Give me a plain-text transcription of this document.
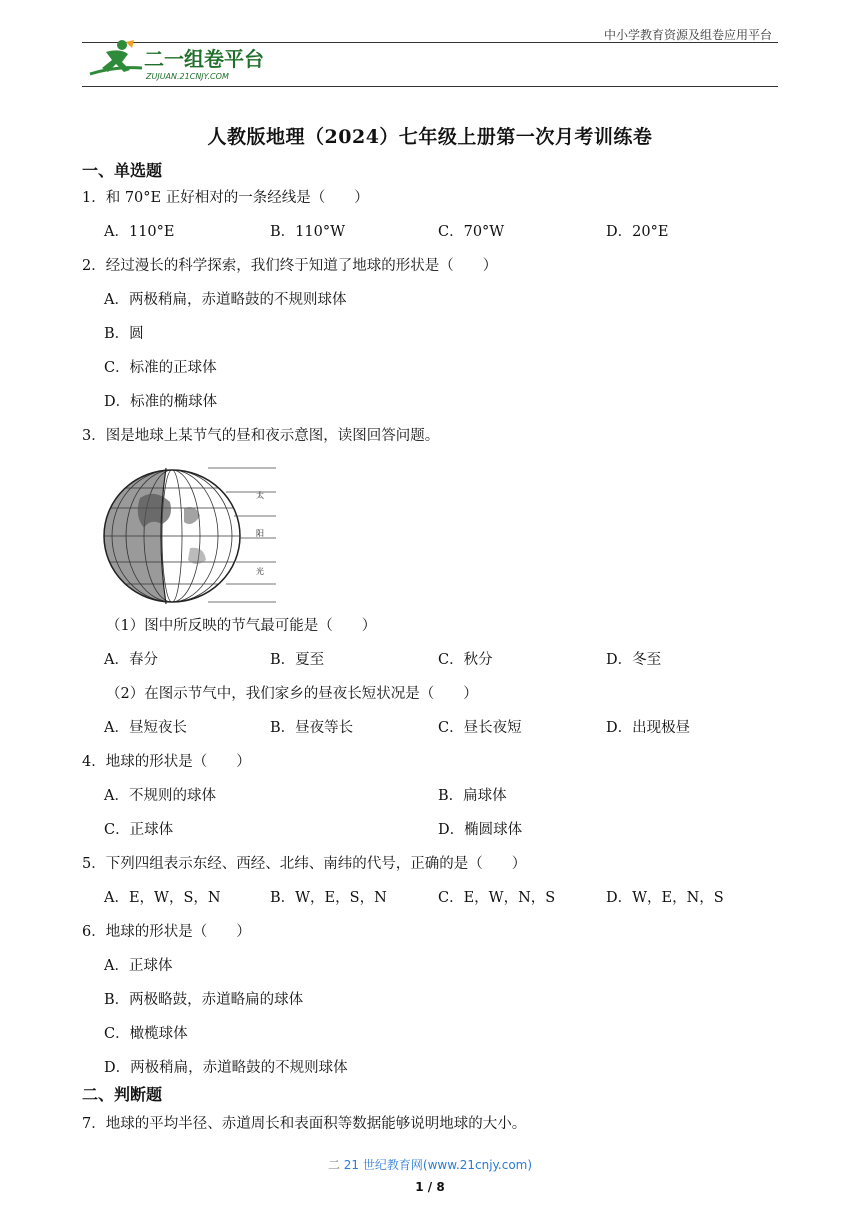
中小学教育资源及组卷应用平台
二一组卷平台
ZUJUAN.21CNJY.COM
人教版地理（2024）七年级上册第一次月考训练卷
一、单选题
1．和 70°E 正好相对的一条经线是（　　）
A．110°E	B．110°W	C．70°W	D．20°E
2．经过漫长的科学探索，我们终于知道了地球的形状是（　　）
A．两极稍扁，赤道略鼓的不规则球体
B．圆
C．标准的正球体
D．标准的椭球体
3．图是地球上某节气的昼和夜示意图，读图回答问题。
太
阳
光
（1）图中所反映的节气最可能是（　　）
A．春分	B．夏至	C．秋分	D．冬至
（2）在图示节气中，我们家乡的昼夜长短状况是（　　）
A．昼短夜长	B．昼夜等长	C．昼长夜短	D．出现极昼
4．地球的形状是（　　）
A．不规则的球体	B．扁球体
C．正球体	D．椭圆球体
5．下列四组表示东经、西经、北纬、南纬的代号，正确的是（　　）
A．E，W，S，N	B．W，E，S，N	C．E，W，N，S	D．W，E，N，S
6．地球的形状是（　　）
A．正球体
B．两极略鼓，赤道略扁的球体
C．橄榄球体
D．两极稍扁，赤道略鼓的不规则球体
二、判断题
7．地球的平均半径、赤道周长和表面积等数据能够说明地球的大小。
二 21 世纪教育网(www.21cnjy.com)
1 / 8
